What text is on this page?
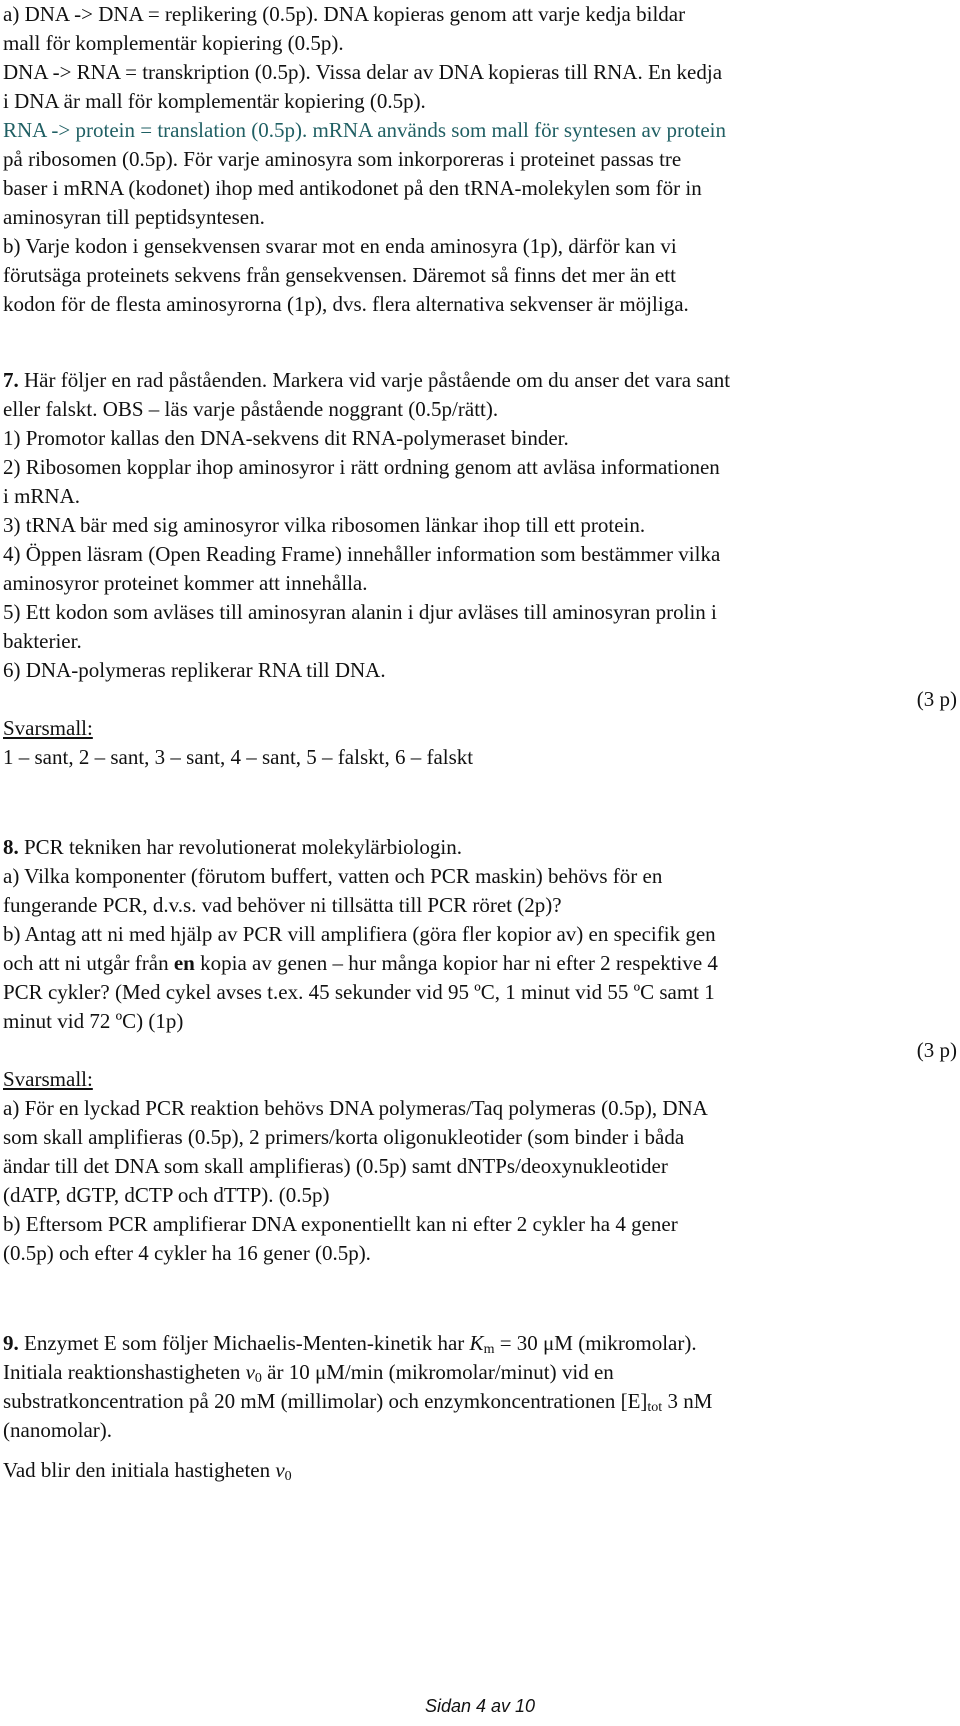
a) DNA -> DNA = replikering (0.5p). DNA kopieras genom att varje kedja bildar
mall för komplementär kopiering (0.5p).
DNA -> RNA = transkription (0.5p). Vissa delar av DNA kopieras till RNA. En kedja
i DNA är mall för komplementär kopiering (0.5p).
RNA -> protein = translation (0.5p). mRNA används som mall för syntesen av protein
på ribosomen (0.5p). För varje aminosyra som inkorporeras i proteinet passas tre
baser i mRNA (kodonet) ihop med antikodonet på den tRNA-molekylen som för in
aminosyran till peptidsyntesen.
b) Varje kodon i gensekvensen svarar mot en enda aminosyra (1p), därför kan vi
förutsäga proteinets sekvens från gensekvensen. Däremot så finns det mer än ett
kodon för de flesta aminosyrorna (1p), dvs. flera alternativa sekvenser är möjliga.
7. Här följer en rad påståenden. Markera vid varje påstående om du anser det vara sant
eller falskt. OBS – läs varje påstående noggrant (0.5p/rätt).
1) Promotor kallas den DNA-sekvens dit RNA-polymeraset binder.
2) Ribosomen kopplar ihop aminosyror i rätt ordning genom att avläsa informationen
i mRNA.
3) tRNA bär med sig aminosyror vilka ribosomen länkar ihop till ett protein.
4) Öppen läsram (Open Reading Frame) innehåller information som bestämmer vilka
aminosyror proteinet kommer att innehålla.
5) Ett kodon som avläses till aminosyran alanin i djur avläses till aminosyran prolin i
bakterier.
6) DNA-polymeras replikerar RNA till DNA.
(3 p)
Svarsmall:
1 – sant, 2 – sant, 3 – sant, 4 – sant, 5 – falskt, 6 – falskt
8. PCR tekniken har revolutionerat molekylärbiologin.
a) Vilka komponenter (förutom buffert, vatten och PCR maskin) behövs för en
fungerande PCR, d.v.s. vad behöver ni tillsätta till PCR röret (2p)?
b) Antag att ni med hjälp av PCR vill amplifiera (göra fler kopior av) en specifik gen
och att ni utgår från en kopia av genen – hur många kopior har ni efter 2 respektive 4
PCR cykler? (Med cykel avses t.ex. 45 sekunder vid 95 ºC, 1 minut vid 55 ºC samt 1
minut vid 72 ºC) (1p)
(3 p)
Svarsmall:
a) För en lyckad PCR reaktion behövs DNA polymeras/Taq polymeras (0.5p), DNA
som skall amplifieras (0.5p), 2 primers/korta oligonukleotider (som binder i båda
ändar till det DNA som skall amplifieras) (0.5p) samt dNTPs/deoxynukleotider
(dATP, dGTP, dCTP och dTTP). (0.5p)
b) Eftersom PCR amplifierar DNA exponentiellt kan ni efter 2 cykler ha 4 gener
(0.5p) och efter 4 cykler ha 16 gener (0.5p).
9. Enzymet E som följer Michaelis-Menten-kinetik har $K_m = 30$ μM (mikromolar).
Initiala reaktionshastigheten $v_0$ är 10 μM/min (mikromolar/minut) vid en
substratkoncentration på 20 mM (millimolar) och enzymkoncentrationen $[E]_{tot}$ 3 nM
(nanomolar).
Vad blir den initiala hastigheten $v_0$
Sidan 4 av 10
